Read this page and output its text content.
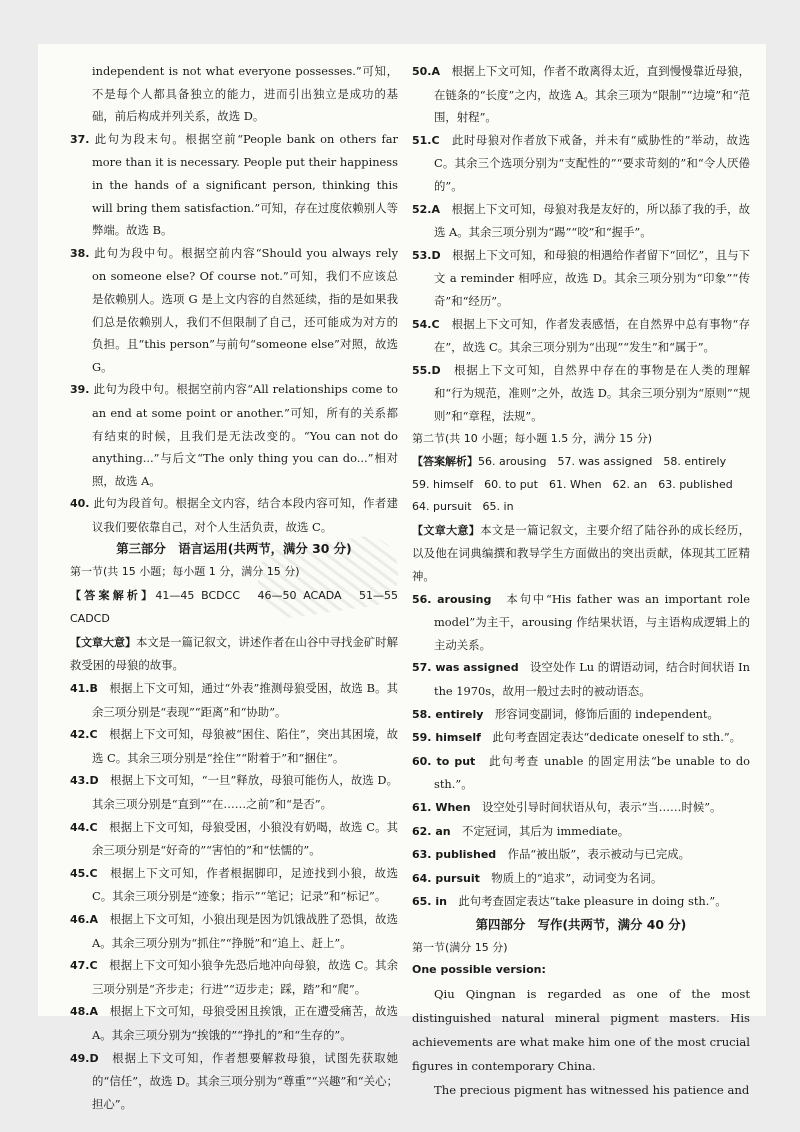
independent is not what everyone possesses.”可知，不是每个人都具备独立的能力，进而引出独立是成功的基础，前后构成并列关系，故选 D。

37. 此句为段末句。根据空前“People bank on others far more than it is necessary. People put their happiness in the hands of a significant person, thinking this will bring them satisfaction.”可知，存在过度依赖别人等弊端。故选 B。

38. 此句为段中句。根据空前内容“Should you always rely on someone else? Of course not.”可知，我们不应该总是依赖别人。选项 G 是上文内容的自然延续，指的是如果我们总是依赖别人，我们不但限制了自己，还可能成为对方的负担。且“this person”与前句“someone else”对照，故选 G。

39. 此句为段中句。根据空前内容“All relationships come to an end at some point or another.”可知，所有的关系都有结束的时候，且我们是无法改变的。“You can not do anything...”与后文“The only thing you can do...”相对照，故选 A。

40. 此句为段首句。根据全文内容，结合本段内容可知，作者建议我们要依靠自己，对个人生活负责，故选 C。

第三部分　语言运用(共两节，满分 30 分)

第一节(共 15 小题；每小题 1 分，满分 15 分)

【答案解析】41—45 BCDCC　46—50 ACADA　51—55 CADCD

【文章大意】本文是一篇记叙文，讲述作者在山谷中寻找金矿时解救受困的母狼的故事。

41.B　 根据上下文可知，通过“外表”推测母狼受困，故选 B。其余三项分别是“表现”“距离”和“协助”。

42.C　 根据上下文可知，母狼被“困住、陷住”，突出其困境，故选 C。其余三项分别是“拴住”“附着于”和“捆住”。

43.D　 根据上下文可知，“一旦”释放，母狼可能伤人，故选 D。其余三项分别是“直到”“在……之前”和“是否”。

44.C　 根据上下文可知，母狼受困，小狼没有奶喝，故选 C。其余三项分别是“好奇的”“害怕的”和“怯懦的”。

45.C　 根据上下文可知，作者根据脚印，足迹找到小狼，故选 C。其余三项分别是“迹象；指示”“笔记；记录”和“标记”。

46.A　 根据上下文可知，小狼出现是因为饥饿战胜了恐惧，故选 A。其余三项分别为“抓住”“挣脱”和“追上、赶上”。

47.C　 根据上下文可知小狼争先恐后地冲向母狼，故选 C。其余三项分别是“齐步走；行进”“迈步走；踩，踏”和“爬”。

48.A　 根据上下文可知，母狼受困且挨饿，正在遭受痛苦，故选 A。其余三项分别为“挨饿的”“挣扎的”和“生存的”。

49.D　 根据上下文可知，作者想要解救母狼，试图先获取她的“信任”，故选 D。其余三项分别为“尊重”“兴趣”和“关心；担心”。

50.A　 根据上下文可知，作者不敢离得太近，直到慢慢靠近母狼，在链条的“长度”之内，故选 A。其余三项为“限制”“边境”和“范围，射程”。

51.C　 此时母狼对作者放下戒备，并未有“威胁性的”举动，故选 C。其余三个选项分别为“支配性的”“要求苛刻的”和“令人厌倦的”。

52.A　 根据上下文可知，母狼对我是友好的，所以舔了我的手，故选 A。其余三项分别为“踢”“咬”和“握手”。

53.D　 根据上下文可知，和母狼的相遇给作者留下“回忆”，且与下文 a reminder 相呼应，故选 D。其余三项分别为“印象”“传奇”和“经历”。

54.C　 根据上下文可知，作者发表感悟，在自然界中总有事物“存在”，故选 C。其余三项分别为“出现”“发生”和“属于”。

55.D　 根据上下文可知，自然界中存在的事物是在人类的理解和“行为规范，准则”之外，故选 D。其余三项分别为“原则”“规则”和“章程，法规”。

第二节(共 10 小题；每小题 1.5 分，满分 15 分)

【答案解析】56. arousing　57. was assigned　58. entirely

59. himself　60. to put　61. When　62. an　63. published

64. pursuit　65. in

【文章大意】本文是一篇记叙文，主要介绍了陆谷孙的成长经历，以及他在词典编撰和教导学生方面做出的突出贡献，体现其工匠精神。

56. arousing　 本句中“His father was an important role model”为主干，arousing 作结果状语，与主语构成逻辑上的主动关系。

57. was assigned　 设空处作 Lu 的谓语动词，结合时间状语 In the 1970s，故用一般过去时的被动语态。

58. entirely　 形容词变副词，修饰后面的 independent。

59. himself　 此句考查固定表达“dedicate oneself to sth.”。

60. to put　 此句考查 unable 的固定用法“be unable to do sth.”。

61. When　 设空处引导时间状语从句，表示“当……时候”。

62. an　 不定冠词，其后为 immediate。

63. published　 作品“被出版”，表示被动与已完成。

64. pursuit　 物质上的“追求”，动词变为名词。

65. in　 此句考查固定表达“take pleasure in doing sth.”。

第四部分　写作(共两节，满分 40 分)

第一节(满分 15 分)

One possible version:

Qiu Qingnan is regarded as one of the most distinguished natural mineral pigment masters. His achievements are what make him one of the most crucial figures in contemporary China.

The precious pigment has witnessed his patience and
